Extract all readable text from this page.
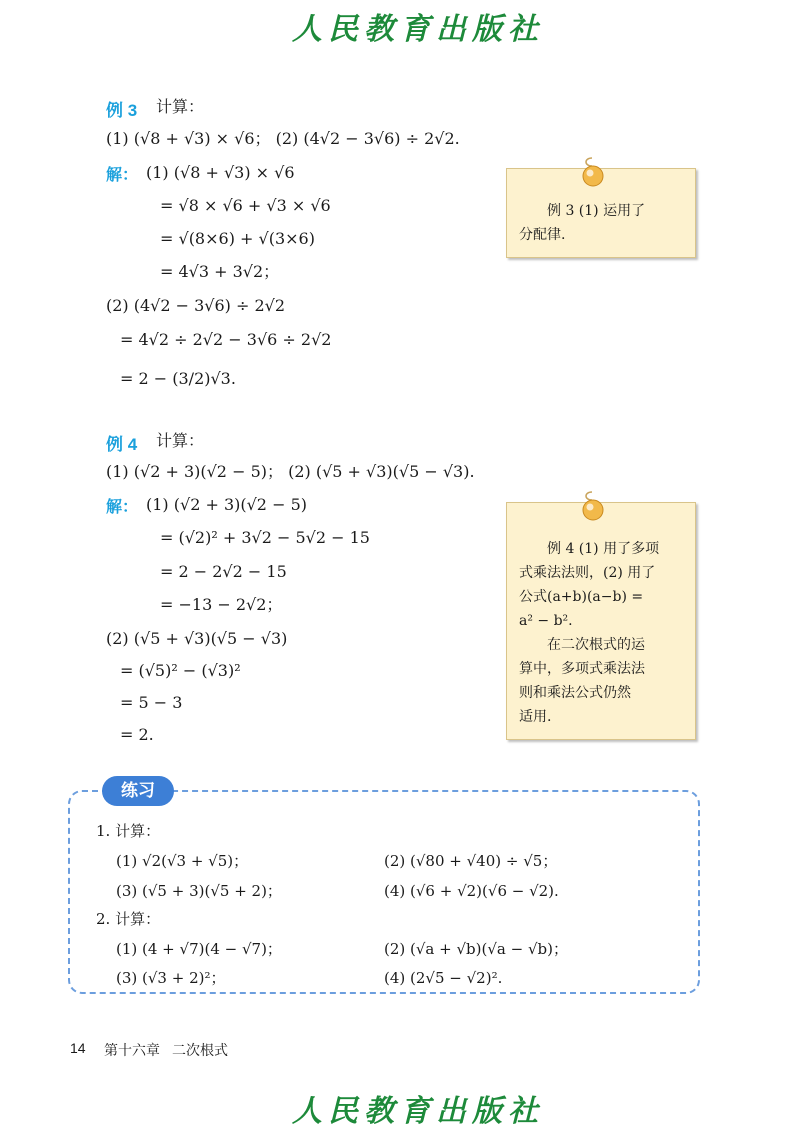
人民教育出版社
例 3 计算：
(1) (√8 + √3) × √6； (2) (4√2 − 3√6) ÷ 2√2.
解： (1) (√8 + √3) × √6
= √8 × √6 + √3 × √6
= √(8×6) + √(3×6)
= 4√3 + 3√2；
(2) (4√2 − 3√6) ÷ 2√2
= 4√2 ÷ 2√2 − 3√6 ÷ 2√2
= 2 − (3/2)√3.
例 3 (1) 运用了
分配律.
例 4 计算：
(1) (√2 + 3)(√2 − 5)； (2) (√5 + √3)(√5 − √3).
解： (1) (√2 + 3)(√2 − 5)
= (√2)² + 3√2 − 5√2 − 15
= 2 − 2√2 − 15
= −13 − 2√2；
(2) (√5 + √3)(√5 − √3)
= (√5)² − (√3)²
= 5 − 3
= 2.
例 4 (1) 用了多项
式乘法法则，(2) 用了
公式(a+b)(a−b) =
a² − b².
在二次根式的运
算中，多项式乘法法
则和乘法公式仍然
适用.
练习
1. 计算：
(1) √2(√3 + √5)；	(2) (√80 + √40) ÷ √5；
(3) (√5 + 3)(√5 + 2)；	(4) (√6 + √2)(√6 − √2).
2. 计算：
(1) (4 + √7)(4 − √7)；	(2) (√a + √b)(√a − √b)；
(3) (√3 + 2)²；	(4) (2√5 − √2)².
14 第十六章 二次根式
人民教育出版社
